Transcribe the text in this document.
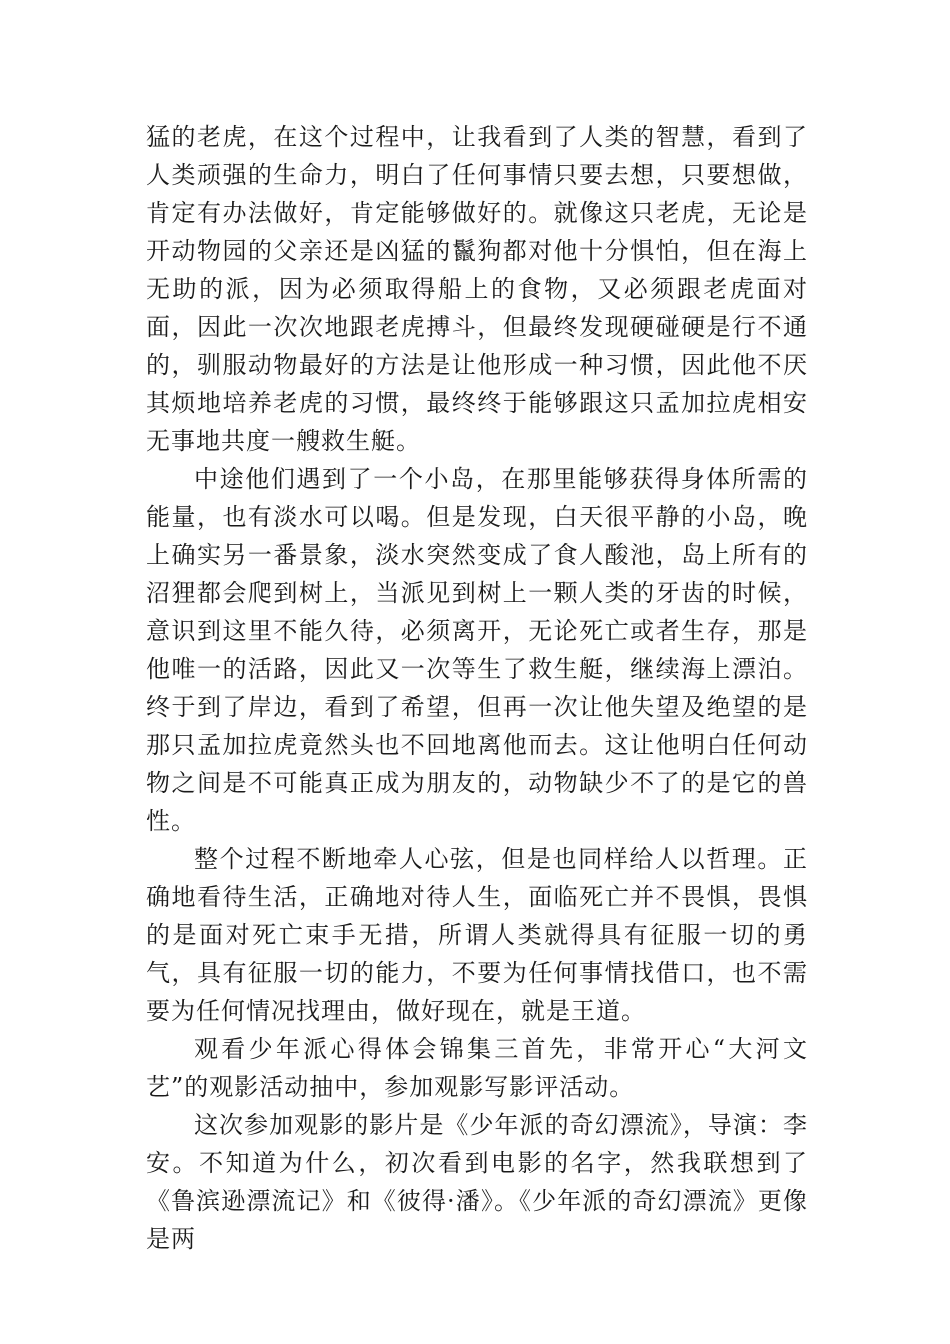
猛的老虎，在这个过程中，让我看到了人类的智慧，看到了人类顽强的生命力，明白了任何事情只要去想，只要想做，肯定有办法做好，肯定能够做好的。就像这只老虎，无论是开动物园的父亲还是凶猛的鬣狗都对他十分惧怕，但在海上无助的派，因为必须取得船上的食物，又必须跟老虎面对面，因此一次次地跟老虎搏斗，但最终发现硬碰硬是行不通的，驯服动物最好的方法是让他形成一种习惯，因此他不厌其烦地培养老虎的习惯，最终终于能够跟这只孟加拉虎相安无事地共度一艘救生艇。

中途他们遇到了一个小岛，在那里能够获得身体所需的能量，也有淡水可以喝。但是发现，白天很平静的小岛，晚上确实另一番景象，淡水突然变成了食人酸池，岛上所有的沼狸都会爬到树上，当派见到树上一颗人类的牙齿的时候，意识到这里不能久待，必须离开，无论死亡或者生存，那是他唯一的活路，因此又一次等生了救生艇，继续海上漂泊。终于到了岸边，看到了希望，但再一次让他失望及绝望的是那只孟加拉虎竟然头也不回地离他而去。这让他明白任何动物之间是不可能真正成为朋友的，动物缺少不了的是它的兽性。

整个过程不断地牵人心弦，但是也同样给人以哲理。正确地看待生活，正确地对待人生，面临死亡并不畏惧，畏惧的是面对死亡束手无措，所谓人类就得具有征服一切的勇气，具有征服一切的能力，不要为任何事情找借口，也不需要为任何情况找理由，做好现在，就是王道。

观看少年派心得体会锦集三首先，非常开心“大河文艺”的观影活动抽中，参加观影写影评活动。

这次参加观影的影片是《少年派的奇幻漂流》，导演：李安。不知道为什么，初次看到电影的名字，然我联想到了《鲁滨逊漂流记》和《彼得·潘》。《少年派的奇幻漂流》更像是两
